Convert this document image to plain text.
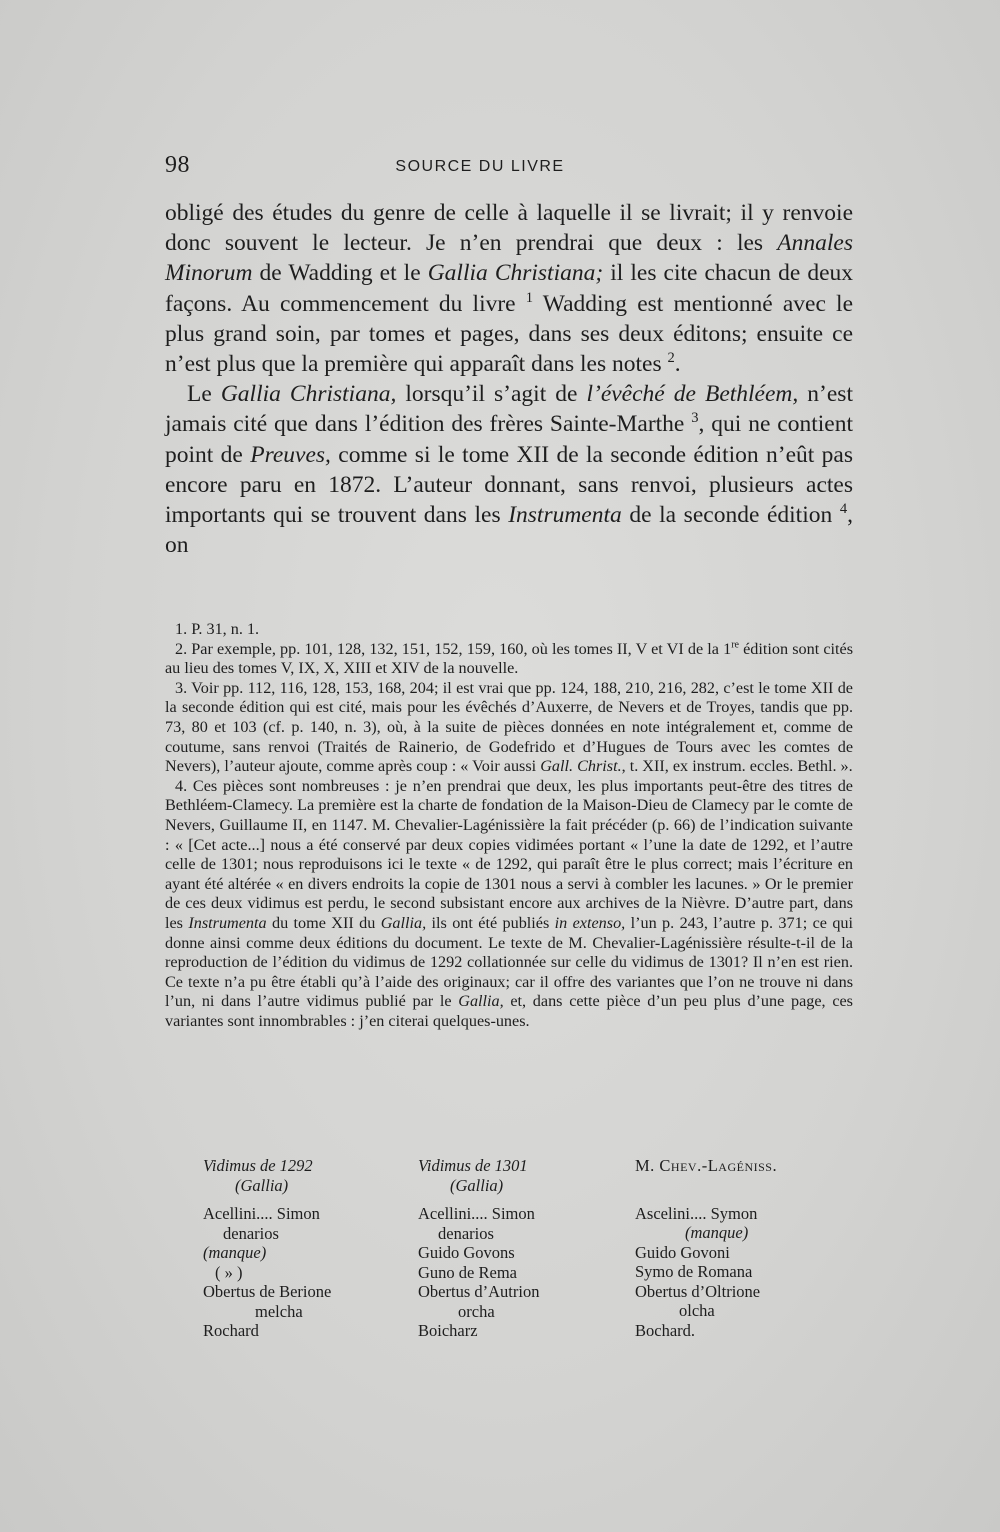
98	SOURCE DU LIVRE

obligé des études du genre de celle à laquelle il se livrait; il y renvoie donc souvent le lecteur. Je n’en prendrai que deux : les Annales Minorum de Wadding et le Gallia Christiana; il les cite chacun de deux façons. Au commencement du livre $^1$ Wadding est mentionné avec le plus grand soin, par tomes et pages, dans ses deux éditons; ensuite ce n’est plus que la première qui apparaît dans les notes $^2$.

Le Gallia Christiana, lorsqu’il s’agit de l’évêché de Bethléem, n’est jamais cité que dans l’édition des frères Sainte-Marthe $^3$, qui ne contient point de Preuves, comme si le tome XII de la seconde édition n’eût pas encore paru en 1872. L’auteur donnant, sans renvoi, plusieurs actes importants qui se trouvent dans les Instrumenta de la seconde édition $^4$, on

1. P. 31, n. 1.

2. Par exemple, pp. 101, 128, 132, 151, 152, 159, 160, où les tomes II, V et VI de la 1re édition sont cités au lieu des tomes V, IX, X, XIII et XIV de la nouvelle.

3. Voir pp. 112, 116, 128, 153, 168, 204; il est vrai que pp. 124, 188, 210, 216, 282, c’est le tome XII de la seconde édition qui est cité, mais pour les évêchés d’Auxerre, de Nevers et de Troyes, tandis que pp. 73, 80 et 103 (cf. p. 140, n. 3), où, à la suite de pièces données en note intégralement et, comme de coutume, sans renvoi (Traités de Rainerio, de Godefrido et d’Hugues de Tours avec les comtes de Nevers), l’auteur ajoute, comme après coup : « Voir aussi Gall. Christ., t. XII, ex instrum. eccles. Bethl. ».

4. Ces pièces sont nombreuses : je n’en prendrai que deux, les plus importants peut-être des titres de Bethléem-Clamecy. La première est la charte de fondation de la Maison-Dieu de Clamecy par le comte de Nevers, Guillaume II, en 1147. M. Chevalier-Lagénissière la fait précéder (p. 66) de l’indication suivante : « [Cet acte...] nous a été conservé par deux copies vidimées portant « l’une la date de 1292, et l’autre celle de 1301; nous reproduisons ici le texte « de 1292, qui paraît être le plus correct; mais l’écriture en ayant été altérée « en divers endroits la copie de 1301 nous a servi à combler les lacunes. » Or le premier de ces deux vidimus est perdu, le second subsistant encore aux archives de la Nièvre. D’autre part, dans les Instrumenta du tome XII du Gallia, ils ont été publiés in extenso, l’un p. 243, l’autre p. 371; ce qui donne ainsi comme deux éditions du document. Le texte de M. Chevalier-Lagénissière résulte-t-il de la reproduction de l’édition du vidimus de 1292 collationnée sur celle du vidimus de 1301? Il n’en est rien. Ce texte n’a pu être établi qu’à l’aide des originaux; car il offre des variantes que l’on ne trouve ni dans l’un, ni dans l’autre vidimus publié par le Gallia, et, dans cette pièce d’un peu plus d’une page, ces variantes sont innombrables : j’en citerai quelques-unes.

Vidimus de 1292
(Gallia)
Acellini.... Simon
denarios
(manque)
( » )
Obertus de Berione
melcha
Rochard
Vidimus de 1301
(Gallia)
Acellini.... Simon
denarios
Guido Govons
Guno de Rema
Obertus d’Autrion
orcha
Boicharz
M. Chev.-Lagéniss.
Ascelini.... Symon
(manque)
Guido Govoni
Symo de Romana
Obertus d’Oltrione
olcha
Bochard.
